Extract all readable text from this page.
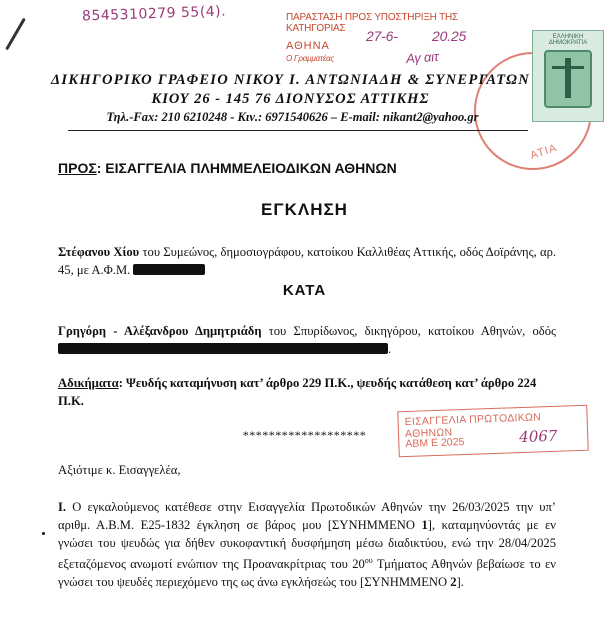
8545310279 55(4).	ΠΑΡΑΣΤΑΣΗ ΠΡΟΣ ΥΠΟΣΤΗΡΙΞΗ ΤΗΣ ΚΑΤΗΓΟΡΙΑΣ
ΑΘΗΝΑ
27-6- 20.25
Ο Γραμματέας	Αγ αιτ
ΑΤΙΑ
ΕΛΛΗΝΙΚΗ ΔΗΜΟΚΡΑΤΙΑ
ΔΙΚΗΓΟΡΙΚΟ ΓΡΑΦΕΙΟ ΝΙΚΟΥ Ι. ΑΝΤΩΝΙΑΔΗ & ΣΥΝΕΡΓΑΤΩΝ
ΚΙΟΥ 26 - 145 76 ΔΙΟΝΥΣΟΣ ΑΤΤΙΚΗΣ
Τηλ.-Fax: 210 6210248 - Κιν.: 6971540626 – E-mail: nikant2@yahoo.gr
ΠΡΟΣ: ΕΙΣΑΓΓΕΛΙΑ ΠΛΗΜΜΕΛΕΙΟΔΙΚΩΝ ΑΘΗΝΩΝ
ΕΓΚΛΗΣΗ
Στέφανου Χίου του Συμεώνος, δημοσιογράφου, κατοίκου Καλλιθέας Αττικής, οδός Δοϊράνης, αρ. 45, με Α.Φ.Μ.
ΚΑΤΑ
Γρηγόρη - Αλέξανδρου Δημητριάδη του Σπυρίδωνος, δικηγόρου, κατοίκου Αθηνών, οδός .
Αδικήματα: Ψευδής καταμήνυση κατ’ άρθρο 229 Π.Κ., ψευδής κατάθεση κατ’ άρθρο 224 Π.Κ.
ΕΙΣΑΓΓΕΛΙΑ ΠΡΩΤΟΔΙΚΩΝ ΑΘΗΝΩΝ
ΑΒΜ Ε 2025	4067
*******************
Αξιότιμε κ. Εισαγγελέα,
I. Ο εγκαλούμενος κατέθεσε στην Εισαγγελία Πρωτοδικών Αθηνών την 26/03/2025 την υπ’ αριθμ. Α.Β.Μ. Ε25-1832 έγκληση σε βάρος μου [ΣΥΝΗΜΜΕΝΟ 1], καταμηνύοντάς με εν γνώσει του ψευδώς για δήθεν συκοφαντική δυσφήμηση μέσω διαδικτύου, ενώ την 28/04/2025 εξεταζόμενος ανωμοτί ενώπιον της Προανακρίτριας του $20^{o\upsilon}$ Τμήματος Αθηνών βεβαίωσε το εν γνώσει του ψευδές περιεχόμενο της ως άνω εγκλήσεώς του [ΣΥΝΗΜΜΕΝΟ 2].
